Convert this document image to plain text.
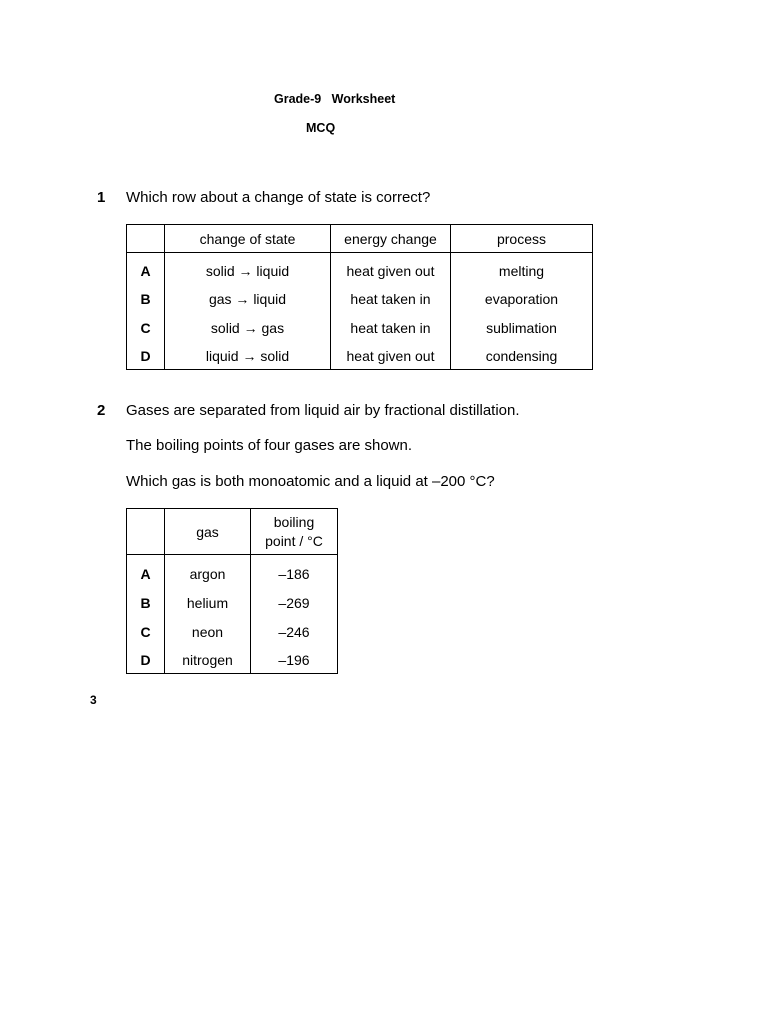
Grade-9   Worksheet
MCQ
1 Which row about a change of state is correct?
	change of state	energy change	process
A	solid → liquid	heat given out	melting
B	gas → liquid	heat taken in	evaporation
C	solid → gas	heat taken in	sublimation
D	liquid → solid	heat given out	condensing
2 Gases are separated from liquid air by fractional distillation.
The boiling points of four gases are shown.
Which gas is both monoatomic and a liquid at –200 °C?
	gas	boiling
point / °C

A	argon	–186
B	helium	–269
C	neon	–246
D	nitrogen	–196
3
